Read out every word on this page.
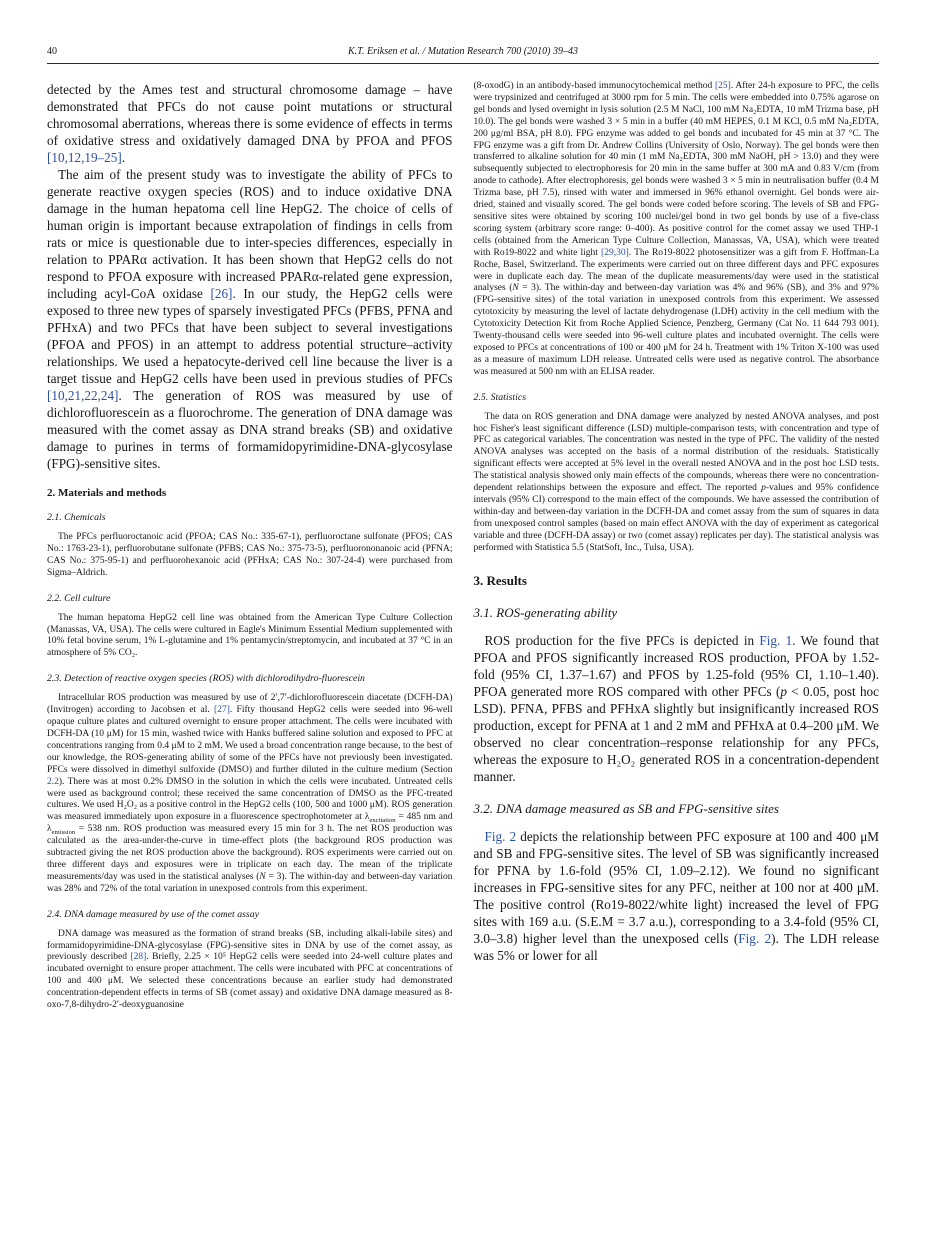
40	K.T. Eriksen et al. / Mutation Research 700 (2010) 39–43

detected by the Ames test and structural chromosome damage – have demonstrated that PFCs do not cause point mutations or structural chromosomal aberrations, whereas there is some evidence of effects in terms of oxidative stress and oxidatively damaged DNA by PFOA and PFOS [10,12,19–25].

The aim of the present study was to investigate the ability of PFCs to generate reactive oxygen species (ROS) and to induce oxidative DNA damage in the human hepatoma cell line HepG2. The choice of cells of human origin is important because extrapolation of findings in cells from rats or mice is questionable due to inter-species differences, especially in relation to PPARα activation. It has been shown that HepG2 cells do not respond to PFOA exposure with increased PPARα-related gene expression, including acyl-CoA oxidase [26]. In our study, the HepG2 cells were exposed to three new types of sparsely investigated PFCs (PFBS, PFNA and PFHxA) and two PFCs that have been subject to several investigations (PFOA and PFOS) in an attempt to address potential structure–activity relationships. We used a hepatocyte-derived cell line because the liver is a target tissue and HepG2 cells have been used in previous studies of PFCs [10,21,22,24]. The generation of ROS was measured by use of dichlorofluorescein as a fluorochrome. The generation of DNA damage was measured with the comet assay as DNA strand breaks (SB) and oxidative damage to purines in terms of formamidopyrimidine-DNA-glycosylase (FPG)-sensitive sites.

2. Materials and methods
2.1. Chemicals

The PFCs perfluoroctanoic acid (PFOA; CAS No.: 335-67-1), perfluoroctane sulfonate (PFOS; CAS No.: 1763-23-1), perfluorobutane sulfonate (PFBS; CAS No.: 375-73-5), perfluorononanoic acid (PFNA; CAS No.: 375-95-1) and perfluorohexanoic acid (PFHxA; CAS No.: 307-24-4) were purchased from Sigma–Aldrich.

2.2. Cell culture

The human hepatoma HepG2 cell line was obtained from the American Type Culture Collection (Manassas, VA, USA). The cells were cultured in Eagle's Minimum Essential Medium supplemented with 10% fetal bovine serum, 1% L-glutamine and 1% pentamycin/streptomycin, and incubated at 37 °C in an atmosphere of 5% CO₂.

2.3. Detection of reactive oxygen species (ROS) with dichlorodihydro-fluorescein

Intracellular ROS production was measured by use of 2′,7′-dichlorofluorescein diacetate (DCFH-DA) (Invitrogen) according to Jacobsen et al. [27]. Fifty thousand HepG2 cells were seeded into 96-well opaque culture plates and cultured overnight to ensure proper attachment. The cells were incubated with DCFH-DA (10 μM) for 15 min, washed twice with Hanks buffered saline solution and exposed to PFC at concentrations ranging from 0.4 μM to 2 mM. We used a broad concentration range because, to the best of our knowledge, the ROS-generating ability of some of the PFCs have not previously been investigated. PFCs were dissolved in dimethyl sulfoxide (DMSO) and further diluted in the culture medium (Section 2.2). There was at most 0.2% DMSO in the solution in which the cells were incubated. Untreated cells were used as background control; these received the same concentration of DMSO as the PFC-treated cultures. We used H₂O₂ as a positive control in the HepG2 cells (100, 500 and 1000 μM). ROS generation was measured immediately upon exposure in a fluorescence spectrophotometer at $\lambda_{excitation} = 485$ nm and $\lambda_{emission} = 538$ nm. ROS production was measured every 15 min for 3 h. The net ROS production was calculated as the area-under-the-curve in time-effect plots (the background ROS production was subtracted giving the net ROS production above the background). ROS experiments were carried out on three different days and exposures were in triplicate on each day. The mean of the triplicate measurements/day was used in the statistical analyses (N = 3). The within-day and between-day variation was 28% and 72% of the total variation in unexposed controls from this experiment.

2.4. DNA damage measured by use of the comet assay

DNA damage was measured as the formation of strand breaks (SB, including alkali-labile sites) and formamidopyrimidine-DNA-glycosylase (FPG)-sensitive sites in DNA by use of the comet assay, as previously described [28]. Briefly, 2.25 × 10⁵ HepG2 cells were seeded into 24-well culture plates and incubated overnight to ensure proper attachment. The cells were incubated with PFC at concentrations of 100 and 400 μM. We selected these concentrations because an earlier study had demonstrated concentration-dependent effects in terms of SB (comet assay) and oxidative DNA damage measured as 8-oxo-7,8-dihydro-2′-deoxyguanosine

(8-oxodG) in an antibody-based immunocytochemical method [25]. After 24-h exposure to PFC, the cells were trypsinized and centrifuged at 3000 rpm for 5 min. The cells were embedded into 0.75% agarose on gel bonds and lysed overnight in lysis solution (2.5 M NaCl, 100 mM Na₂EDTA, 10 mM Trizma base, pH 10.0). The gel bonds were washed 3 × 5 min in a buffer (40 mM HEPES, 0.1 M KCl, 0.5 mM Na₂EDTA, 200 μg/ml BSA, pH 8.0). FPG enzyme was added to gel bonds and incubated for 45 min at 37 °C. The FPG enzyme was a gift from Dr. Andrew Collins (University of Oslo, Norway). The gel bonds were then transferred to alkaline solution for 40 min (1 mM Na₂EDTA, 300 mM NaOH, pH > 13.0) and they were subsequently subjected to electrophoresis for 20 min in the same buffer at 300 mA and 0.83 V/cm (from anode to cathode). After electrophoresis, gel bonds were washed 3 × 5 min in neutralisation buffer (0.4 M Trizma base, pH 7.5), rinsed with water and immersed in 96% ethanol overnight. Gel bonds were air-dried, stained and visually scored. The gel bonds were coded before scoring. The levels of SB and FPG-sensitive sites were obtained by scoring 100 nuclei/gel bond in two gel bonds by use of a five-class scoring system (arbitrary score range: 0–400). As positive control for the comet assay we used THP-1 cells (obtained from the American Type Culture Collection, Manassas, VA, USA), which were treated with Ro19-8022 and white light [29,30]. The Ro19-8022 photosensitizer was a gift from F. Hoffman-La Roche, Basel, Switzerland. The experiments were carried out on three different days and PFC exposures were in duplicate each day. The mean of the duplicate measurements/day were used in the statistical analyses (N = 3). The within-day and between-day variation was 4% and 96% (SB), and 3% and 97% (FPG-sensitive sites) of the total variation in unexposed controls from this experiment. We assessed cytotoxicity by measuring the level of lactate dehydrogenase (LDH) activity in the cell medium with the Cytotoxicity Detection Kit from Roche Applied Science, Penzberg, Germany (Cat No. 11 644 793 001). Twenty-thousand cells were seeded into 96-well culture plates and incubated overnight. The cells were exposed to PFCs at concentrations of 100 or 400 μM for 24 h. Treatment with 1% Triton X-100 was used as a measure of maximum LDH release. Untreated cells were used as negative control. The absorbance was measured at 500 nm with an ELISA reader.

2.5. Statistics

The data on ROS generation and DNA damage were analyzed by nested ANOVA analyses, and post hoc Fisher's least significant difference (LSD) multiple-comparison tests, with concentration and type of PFC as categorical variables. The concentration was nested in the type of PFC. The validity of the nested ANOVA analyses was accepted on the basis of a normal distribution of the residuals. Statistically significant effects were accepted at 5% level in the overall nested ANOVA and in the post hoc LSD tests. The statistical analysis showed only main effects of the compounds, whereas there were no concentration-dependent relationships between the exposure and effect. The reported p-values and 95% confidence intervals (95% CI) correspond to the main effect of the compounds. We have assessed the contribution of within-day and between-day variation in the DCFH-DA and comet assay from the sum of squares in data from unexposed control samples (based on main effect ANOVA with the day of experiment as categorical variable and three (DCFH-DA assay) or two (comet assay) replicates per day). The statistical analysis was performed with Statistica 5.5 (StatSoft, Inc., Tulsa, USA).

3. Results
3.1. ROS-generating ability

ROS production for the five PFCs is depicted in Fig. 1. We found that PFOA and PFOS significantly increased ROS production, PFOA by 1.52-fold (95% CI, 1.37–1.67) and PFOS by 1.25-fold (95% CI, 1.10–1.40). PFOA generated more ROS compared with other PFCs (p < 0.05, post hoc LSD). PFNA, PFBS and PFHxA slightly but insignificantly increased ROS production, except for PFNA at 1 and 2 mM and PFHxA at 0.4–200 μM. We observed no clear concentration–response relationship for any PFCs, whereas the exposure to H₂O₂ generated ROS in a concentration-dependent manner.

3.2. DNA damage measured as SB and FPG-sensitive sites

Fig. 2 depicts the relationship between PFC exposure at 100 and 400 μM and SB and FPG-sensitive sites. The level of SB was significantly increased for PFNA by 1.6-fold (95% CI, 1.09–2.12). We found no significant increases in FPG-sensitive sites for any PFC, neither at 100 nor at 400 μM. The positive control (Ro19-8022/white light) increased the level of FPG sites with 169 a.u. (S.E.M = 3.7 a.u.), corresponding to a 3.4-fold (95% CI, 3.0–3.8) higher level than the unexposed cells (Fig. 2). The LDH release was 5% or lower for all
